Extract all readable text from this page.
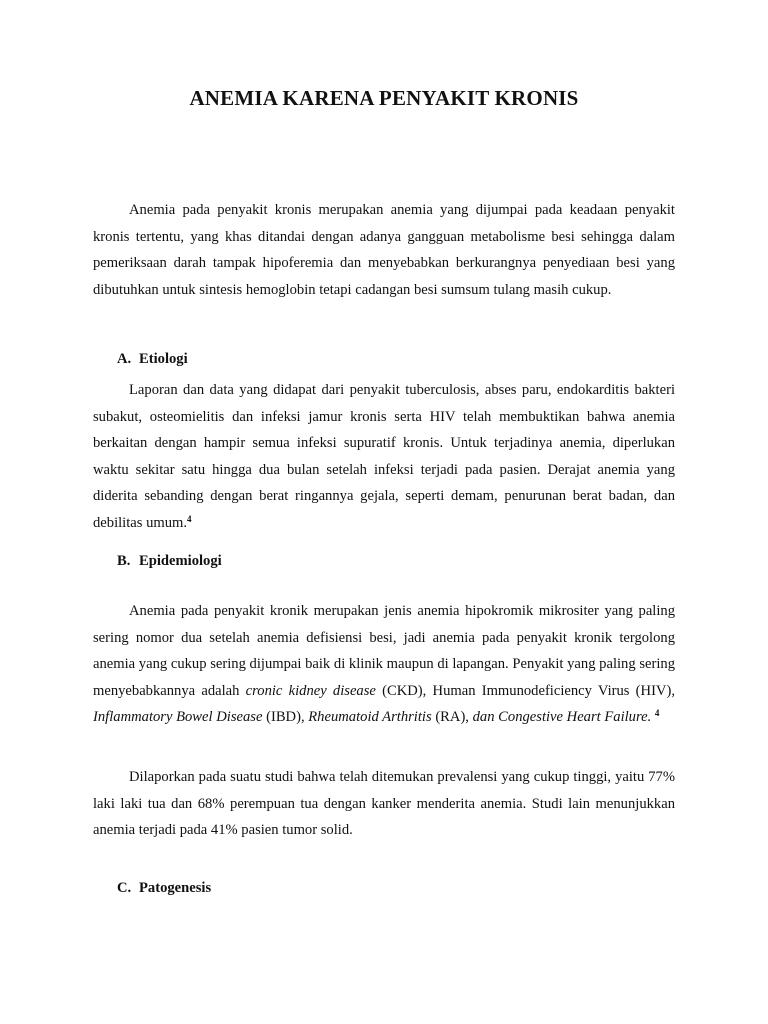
ANEMIA KARENA PENYAKIT KRONIS

Anemia pada penyakit kronis merupakan anemia yang dijumpai pada keadaan penyakit kronis tertentu, yang khas ditandai dengan adanya gangguan metabolisme besi sehingga dalam pemeriksaan darah tampak hipoferemia dan menyebabkan berkurangnya penyediaan besi yang dibutuhkan untuk sintesis hemoglobin tetapi cadangan besi sumsum tulang masih cukup.

A. Etiologi

Laporan dan data yang didapat dari penyakit tuberculosis, abses paru, endokarditis bakteri subakut, osteomielitis dan infeksi jamur kronis serta HIV telah membuktikan bahwa anemia berkaitan dengan hampir semua infeksi supuratif kronis. Untuk terjadinya anemia, diperlukan waktu sekitar satu hingga dua bulan setelah infeksi terjadi pada pasien. Derajat anemia yang diderita sebanding dengan berat ringannya gejala, seperti demam, penurunan berat badan, dan debilitas umum.$^4$

B. Epidemiologi

Anemia pada penyakit kronik merupakan jenis anemia hipokromik mikrositer yang paling sering nomor dua setelah anemia defisiensi besi, jadi anemia pada penyakit kronik tergolong anemia yang cukup sering dijumpai baik di klinik maupun di lapangan. Penyakit yang paling sering menyebabkannya adalah cronic kidney disease (CKD), Human Immunodeficiency Virus (HIV), Inflammatory Bowel Disease (IBD), Rheumatoid Arthritis (RA), dan Congestive Heart Failure. $^4$

Dilaporkan pada suatu studi bahwa telah ditemukan prevalensi yang cukup tinggi, yaitu 77% laki laki tua dan 68% perempuan tua dengan kanker menderita anemia. Studi lain menunjukkan anemia terjadi pada 41% pasien tumor solid.

C. Patogenesis
